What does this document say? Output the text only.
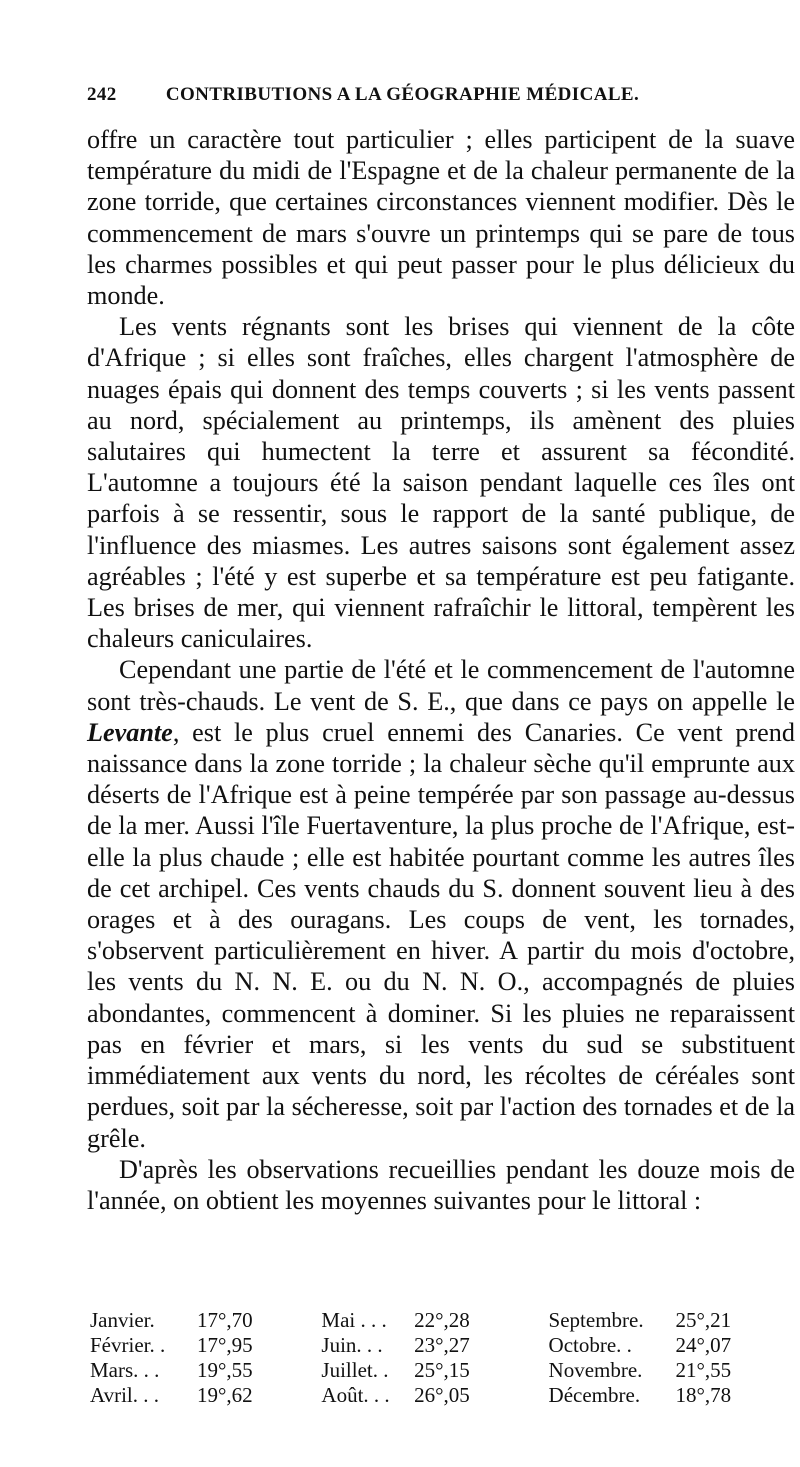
242	CONTRIBUTIONS A LA GÉOGRAPHIE MÉDICALE.

offre un caractère tout particulier ; elles participent de la suave température du midi de l'Espagne et de la chaleur permanente de la zone torride, que certaines circonstances viennent modifier. Dès le commencement de mars s'ouvre un printemps qui se pare de tous les charmes possibles et qui peut passer pour le plus délicieux du monde.

Les vents régnants sont les brises qui viennent de la côte d'Afrique ; si elles sont fraîches, elles chargent l'atmosphère de nuages épais qui donnent des temps couverts ; si les vents passent au nord, spécialement au printemps, ils amènent des pluies salutaires qui humectent la terre et assurent sa fécondité. L'automne a toujours été la saison pendant laquelle ces îles ont parfois à se ressentir, sous le rapport de la santé publique, de l'influence des miasmes. Les autres saisons sont également assez agréables ; l'été y est superbe et sa température est peu fatigante. Les brises de mer, qui viennent rafraîchir le littoral, tempèrent les chaleurs caniculaires.

Cependant une partie de l'été et le commencement de l'automne sont très-chauds. Le vent de S. E., que dans ce pays on appelle le Levante, est le plus cruel ennemi des Canaries. Ce vent prend naissance dans la zone torride ; la chaleur sèche qu'il emprunte aux déserts de l'Afrique est à peine tempérée par son passage au-dessus de la mer. Aussi l'île Fuertaventure, la plus proche de l'Afrique, est-elle la plus chaude ; elle est habitée pourtant comme les autres îles de cet archipel. Ces vents chauds du S. donnent souvent lieu à des orages et à des ouragans. Les coups de vent, les tornades, s'observent particulièrement en hiver. A partir du mois d'octobre, les vents du N. N. E. ou du N. N. O., accompagnés de pluies abondantes, commencent à dominer. Si les pluies ne reparaissent pas en février et mars, si les vents du sud se substituent immédiatement aux vents du nord, les récoltes de céréales sont perdues, soit par la sécheresse, soit par l'action des tornades et de la grêle.

D'après les observations recueillies pendant les douze mois de l'année, on obtient les moyennes suivantes pour le littoral :

Janvier.	17°,70	Mai . . .	22°,28	Septembre.	25°,21
Février. .	17°,95	Juin. . .	23°,27	Octobre. .	24°,07
Mars. . .	19°,55	Juillet. .	25°,15	Novembre.	21°,55
Avril. . .	19°,62	Août. . .	26°,05	Décembre.	18°,78
